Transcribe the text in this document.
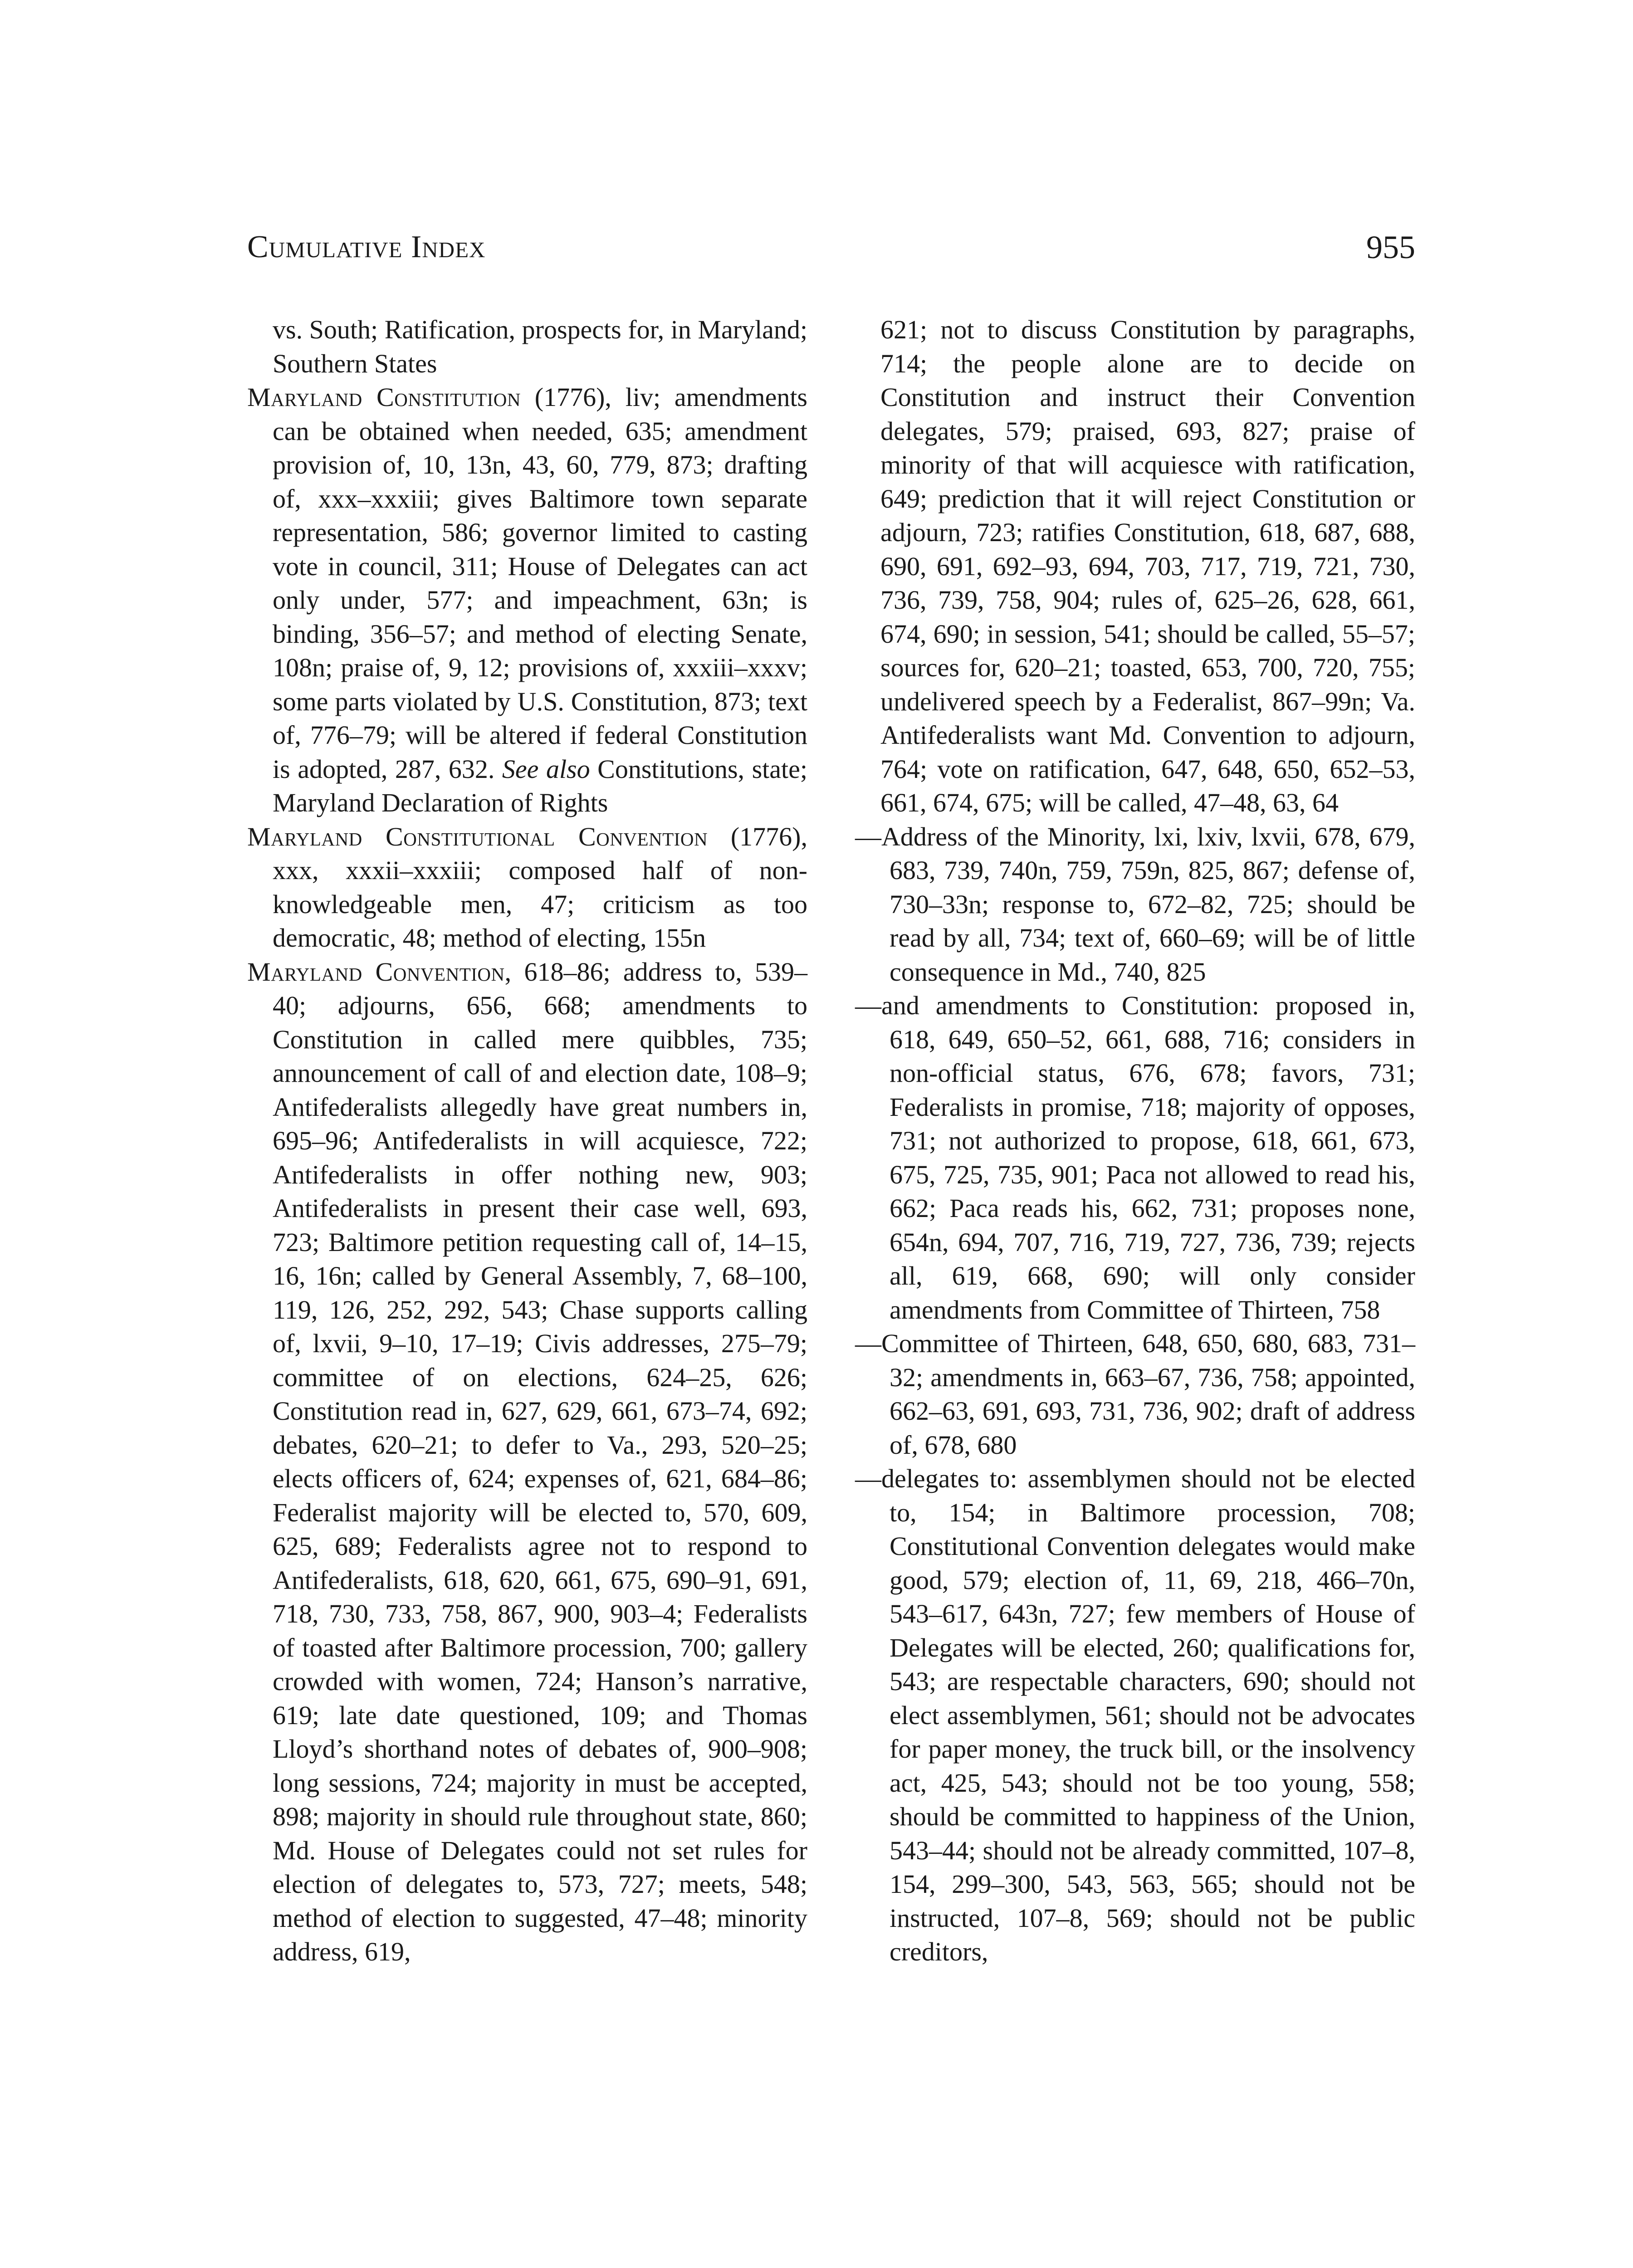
Cumulative Index	955

vs. South; Ratification, prospects for, in Maryland; Southern States

Maryland Constitution (1776), liv; amendments can be obtained when needed, 635; amendment provision of, 10, 13n, 43, 60, 779, 873; drafting of, xxx–xxxiii; gives Baltimore town separate representation, 586; governor limited to casting vote in council, 311; House of Delegates can act only under, 577; and impeachment, 63n; is binding, 356–57; and method of electing Senate, 108n; praise of, 9, 12; provisions of, xxxiii–xxxv; some parts violated by U.S. Constitution, 873; text of, 776–79; will be altered if federal Constitution is adopted, 287, 632. See also Constitutions, state; Maryland Declaration of Rights

Maryland Constitutional Convention (1776), xxx, xxxii–xxxiii; composed half of non-knowledgeable men, 47; criticism as too democratic, 48; method of electing, 155n

Maryland Convention, 618–86; address to, 539–40; adjourns, 656, 668; amendments to Constitution in called mere quibbles, 735; announcement of call of and election date, 108–9; Antifederalists allegedly have great numbers in, 695–96; Antifederalists in will acquiesce, 722; Antifederalists in offer nothing new, 903; Antifederalists in present their case well, 693, 723; Baltimore petition requesting call of, 14–15, 16, 16n; called by General Assembly, 7, 68–100, 119, 126, 252, 292, 543; Chase supports calling of, lxvii, 9–10, 17–19; Civis addresses, 275–79; committee of on elections, 624–25, 626; Constitution read in, 627, 629, 661, 673–74, 692; debates, 620–21; to defer to Va., 293, 520–25; elects officers of, 624; expenses of, 621, 684–86; Federalist majority will be elected to, 570, 609, 625, 689; Federalists agree not to respond to Antifederalists, 618, 620, 661, 675, 690–91, 691, 718, 730, 733, 758, 867, 900, 903–4; Federalists of toasted after Baltimore procession, 700; gallery crowded with women, 724; Hanson’s narrative, 619; late date questioned, 109; and Thomas Lloyd’s shorthand notes of debates of, 900–908; long sessions, 724; majority in must be accepted, 898; majority in should rule throughout state, 860; Md. House of Delegates could not set rules for election of delegates to, 573, 727; meets, 548; method of election to suggested, 47–48; minority address, 619,

621; not to discuss Constitution by paragraphs, 714; the people alone are to decide on Constitution and instruct their Convention delegates, 579; praised, 693, 827; praise of minority of that will acquiesce with ratification, 649; prediction that it will reject Constitution or adjourn, 723; ratifies Constitution, 618, 687, 688, 690, 691, 692–93, 694, 703, 717, 719, 721, 730, 736, 739, 758, 904; rules of, 625–26, 628, 661, 674, 690; in session, 541; should be called, 55–57; sources for, 620–21; toasted, 653, 700, 720, 755; undelivered speech by a Federalist, 867–99n; Va. Antifederalists want Md. Convention to adjourn, 764; vote on ratification, 647, 648, 650, 652–53, 661, 674, 675; will be called, 47–48, 63, 64

— Address of the Minority, lxi, lxiv, lxvii, 678, 679, 683, 739, 740n, 759, 759n, 825, 867; defense of, 730–33n; response to, 672–82, 725; should be read by all, 734; text of, 660–69; will be of little consequence in Md., 740, 825

— and amendments to Constitution: proposed in, 618, 649, 650–52, 661, 688, 716; considers in non-official status, 676, 678; favors, 731; Federalists in promise, 718; majority of opposes, 731; not authorized to propose, 618, 661, 673, 675, 725, 735, 901; Paca not allowed to read his, 662; Paca reads his, 662, 731; proposes none, 654n, 694, 707, 716, 719, 727, 736, 739; rejects all, 619, 668, 690; will only consider amendments from Committee of Thirteen, 758

— Committee of Thirteen, 648, 650, 680, 683, 731–32; amendments in, 663–67, 736, 758; appointed, 662–63, 691, 693, 731, 736, 902; draft of address of, 678, 680

— delegates to: assemblymen should not be elected to, 154; in Baltimore procession, 708; Constitutional Convention delegates would make good, 579; election of, 11, 69, 218, 466–70n, 543–617, 643n, 727; few members of House of Delegates will be elected, 260; qualifications for, 543; are respectable characters, 690; should not elect assemblymen, 561; should not be advocates for paper money, the truck bill, or the insolvency act, 425, 543; should not be too young, 558; should be committed to happiness of the Union, 543–44; should not be already committed, 107–8, 154, 299–300, 543, 563, 565; should not be instructed, 107–8, 569; should not be public creditors,
